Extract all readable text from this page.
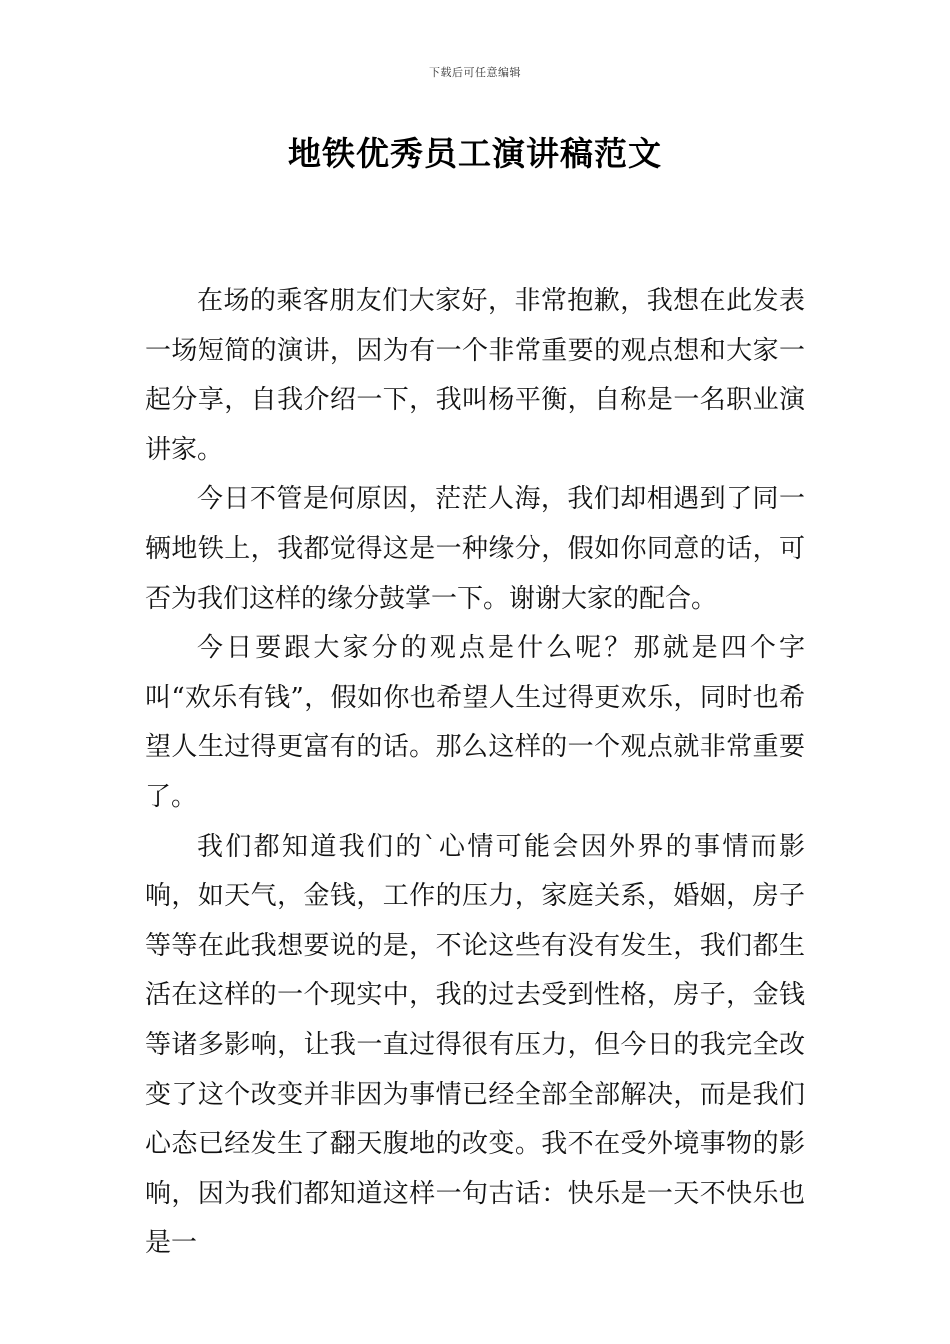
下载后可任意编辑
地铁优秀员工演讲稿范文

在场的乘客朋友们大家好，非常抱歉，我想在此发表一场短简的演讲，因为有一个非常重要的观点想和大家一起分享，自我介绍一下，我叫杨平衡，自称是一名职业演讲家。

今日不管是何原因，茫茫人海，我们却相遇到了同一辆地铁上，我都觉得这是一种缘分，假如你同意的话，可否为我们这样的缘分鼓掌一下。谢谢大家的配合。

今日要跟大家分的观点是什么呢？那就是四个字叫“欢乐有钱”，假如你也希望人生过得更欢乐，同时也希望人生过得更富有的话。那么这样的一个观点就非常重要了。

我们都知道我们的`心情可能会因外界的事情而影响，如天气，金钱，工作的压力，家庭关系，婚姻，房子等等在此我想要说的是，不论这些有没有发生，我们都生活在这样的一个现实中，我的过去受到性格，房子，金钱等诸多影响，让我一直过得很有压力，但今日的我完全改变了这个改变并非因为事情已经全部全部解决，而是我们心态已经发生了翻天腹地的改变。我不在受外境事物的影响，因为我们都知道这样一句古话：快乐是一天不快乐也是一
